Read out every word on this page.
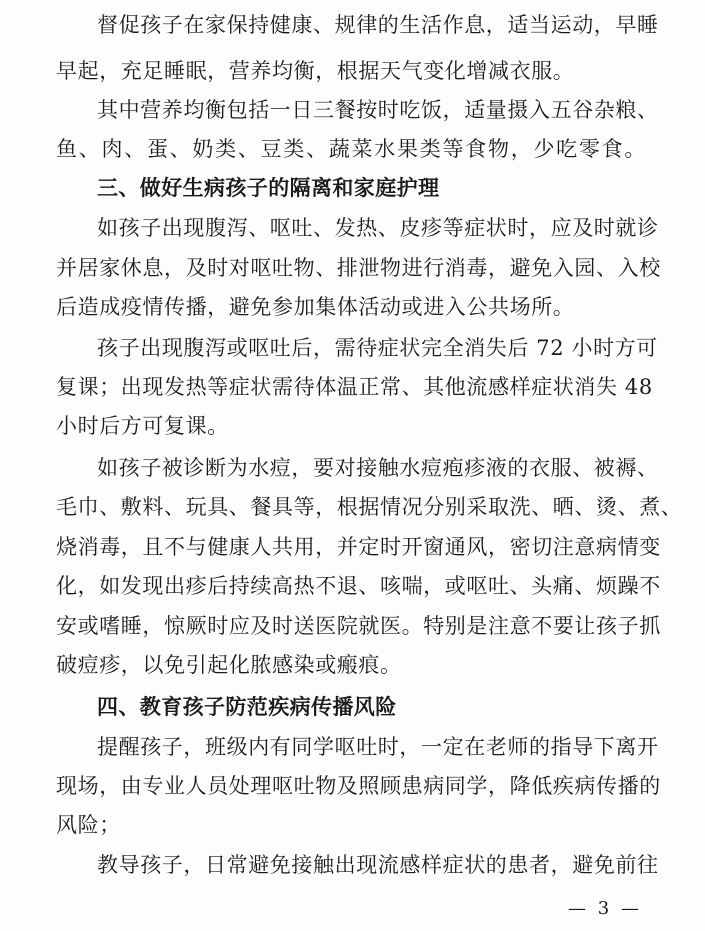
督促孩子在家保持健康、规律的生活作息，适当运动，早睡
早起，充足睡眠，营养均衡，根据天气变化增减衣服。
其中营养均衡包括一日三餐按时吃饭，适量摄入五谷杂粮、
鱼、肉、蛋、奶类、豆类、蔬菜水果类等食物，少吃零食。
三、做好生病孩子的隔离和家庭护理
如孩子出现腹泻、呕吐、发热、皮疹等症状时，应及时就诊
并居家休息，及时对呕吐物、排泄物进行消毒，避免入园、入校
后造成疫情传播，避免参加集体活动或进入公共场所。
孩子出现腹泻或呕吐后，需待症状完全消失后 72 小时方可
复课；出现发热等症状需待体温正常、其他流感样症状消失 48
小时后方可复课。
如孩子被诊断为水痘，要对接触水痘疱疹液的衣服、被褥、
毛巾、敷料、玩具、餐具等，根据情况分别采取洗、晒、烫、煮、
烧消毒，且不与健康人共用，并定时开窗通风，密切注意病情变
化，如发现出疹后持续高热不退、咳喘，或呕吐、头痛、烦躁不
安或嗜睡，惊厥时应及时送医院就医。特别是注意不要让孩子抓
破痘疹，以免引起化脓感染或瘢痕。
四、教育孩子防范疾病传播风险
提醒孩子，班级内有同学呕吐时，一定在老师的指导下离开
现场，由专业人员处理呕吐物及照顾患病同学，降低疾病传播的
风险；
教导孩子，日常避免接触出现流感样症状的患者，避免前往
— 3 —
